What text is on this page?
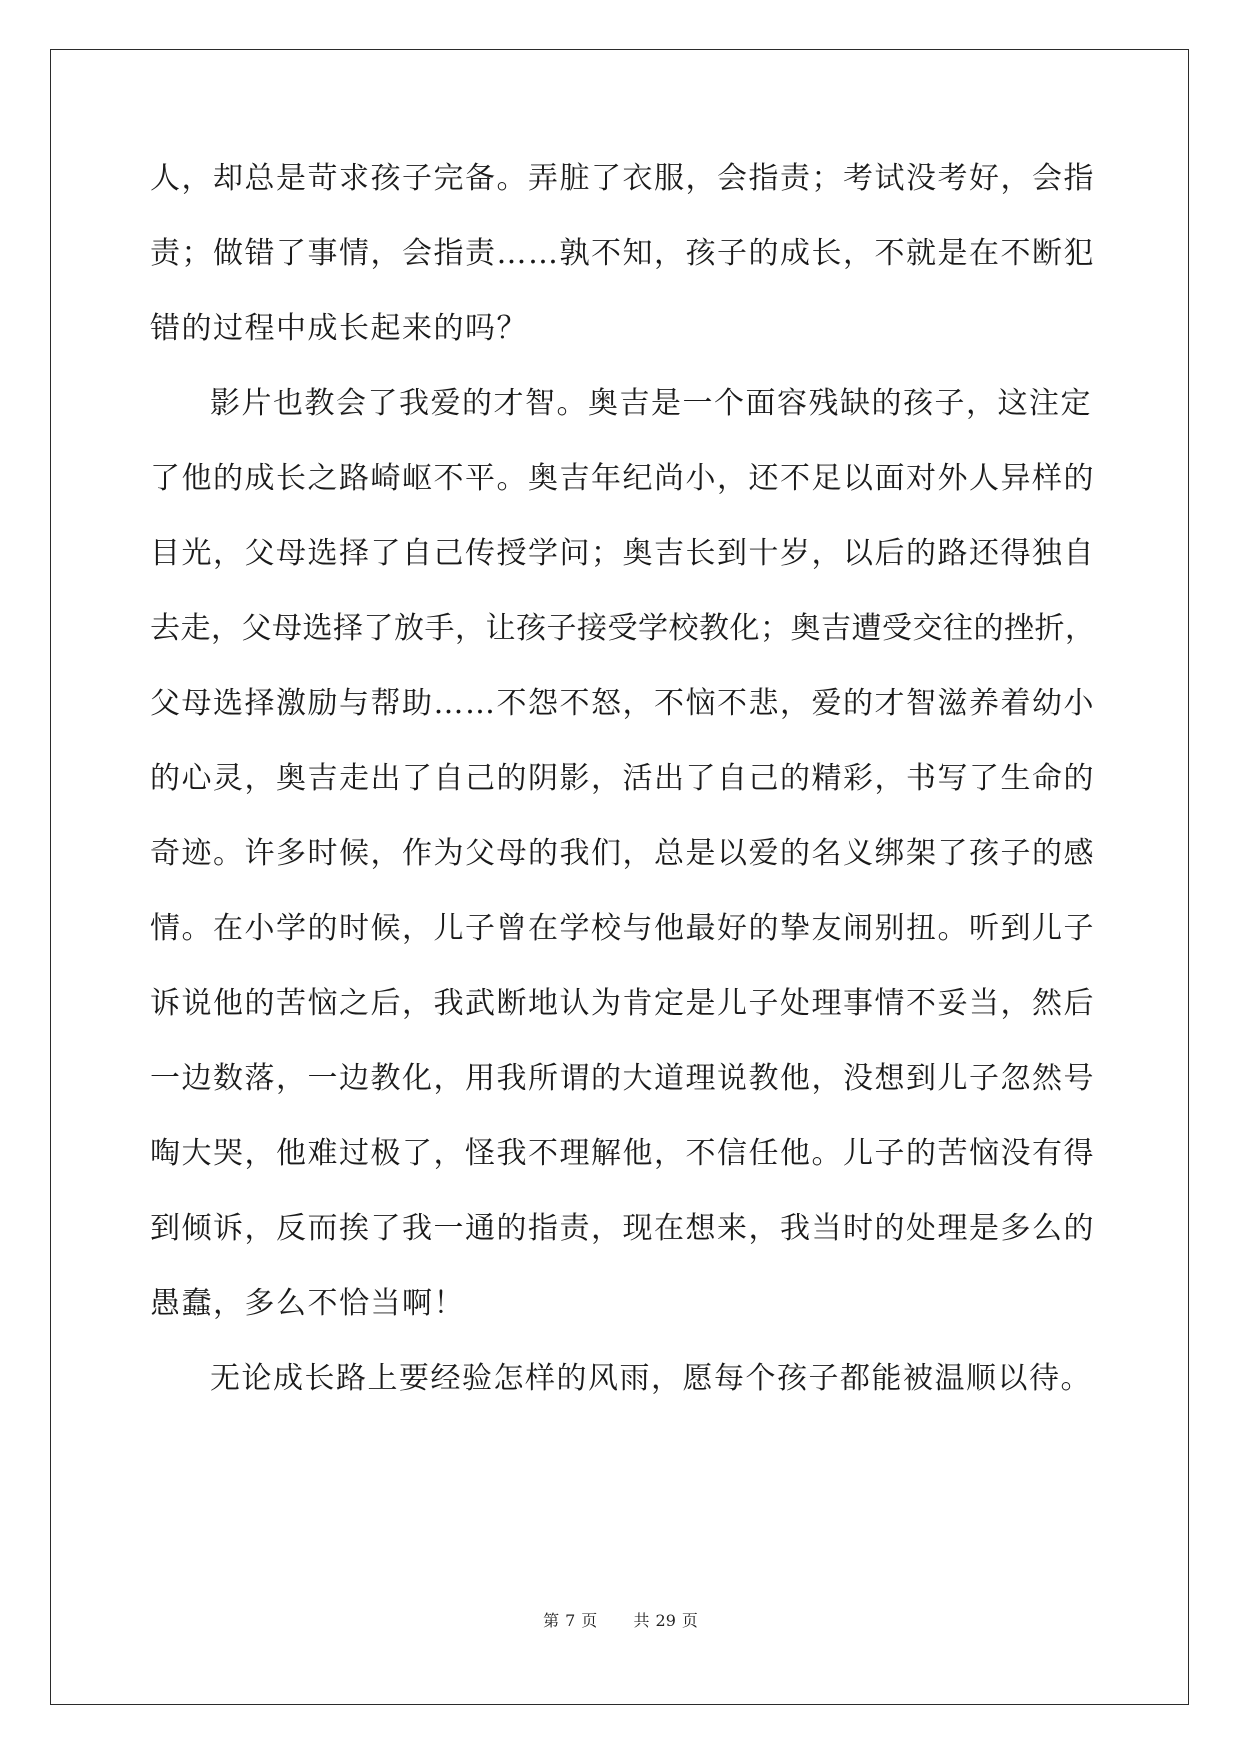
人，却总是苛求孩子完备。弄脏了衣服，会指责；考试没考好，会指
责；做错了事情，会指责……孰不知，孩子的成长，不就是在不断犯
错的过程中成长起来的吗？
影片也教会了我爱的才智。奥吉是一个面容残缺的孩子，这注定
了他的成长之路崎岖不平。奥吉年纪尚小，还不足以面对外人异样的
目光，父母选择了自己传授学问；奥吉长到十岁，以后的路还得独自
去走，父母选择了放手，让孩子接受学校教化；奥吉遭受交往的挫折，
父母选择激励与帮助……不怨不怒，不恼不悲，爱的才智滋养着幼小
的心灵，奥吉走出了自己的阴影，活出了自己的精彩，书写了生命的
奇迹。许多时候，作为父母的我们，总是以爱的名义绑架了孩子的感
情。在小学的时候，儿子曾在学校与他最好的挚友闹别扭。听到儿子
诉说他的苦恼之后，我武断地认为肯定是儿子处理事情不妥当，然后
一边数落，一边教化，用我所谓的大道理说教他，没想到儿子忽然号
啕大哭，他难过极了，怪我不理解他，不信任他。儿子的苦恼没有得
到倾诉，反而挨了我一通的指责，现在想来，我当时的处理是多么的
愚蠢，多么不恰当啊！
无论成长路上要经验怎样的风雨，愿每个孩子都能被温顺以待。
第 7 页 共 29 页
